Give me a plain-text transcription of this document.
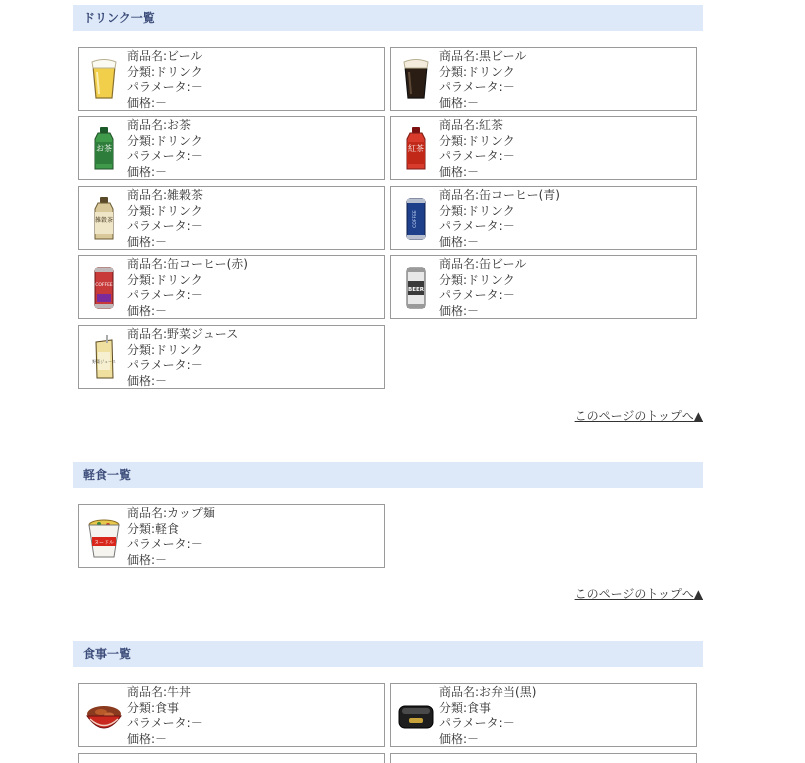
ドリンク一覧
商品名:ビール
分類:ドリンク
パラメータ:－
価格:－
商品名:黒ビール
分類:ドリンク
パラメータ:－
価格:－
お茶
商品名:お茶
分類:ドリンク
パラメータ:－
価格:－
紅茶
商品名:紅茶
分類:ドリンク
パラメータ:－
価格:－
雑穀茶
商品名:雑穀茶
分類:ドリンク
パラメータ:－
価格:－
COFFEE
商品名:缶コーヒー(青)
分類:ドリンク
パラメータ:－
価格:－
COFFEE
商品名:缶コーヒー(赤)
分類:ドリンク
パラメータ:－
価格:－
BEER
商品名:缶ビール
分類:ドリンク
パラメータ:－
価格:－
野菜ジュース
商品名:野菜ジュース
分類:ドリンク
パラメータ:－
価格:－
このページのトップへ▲
軽食一覧
ヌードル
商品名:カップ麺
分類:軽食
パラメータ:－
価格:－
このページのトップへ▲
食事一覧
商品名:牛丼
分類:食事
パラメータ:－
価格:－
商品名:お弁当(黒)
分類:食事
パラメータ:－
価格:－
